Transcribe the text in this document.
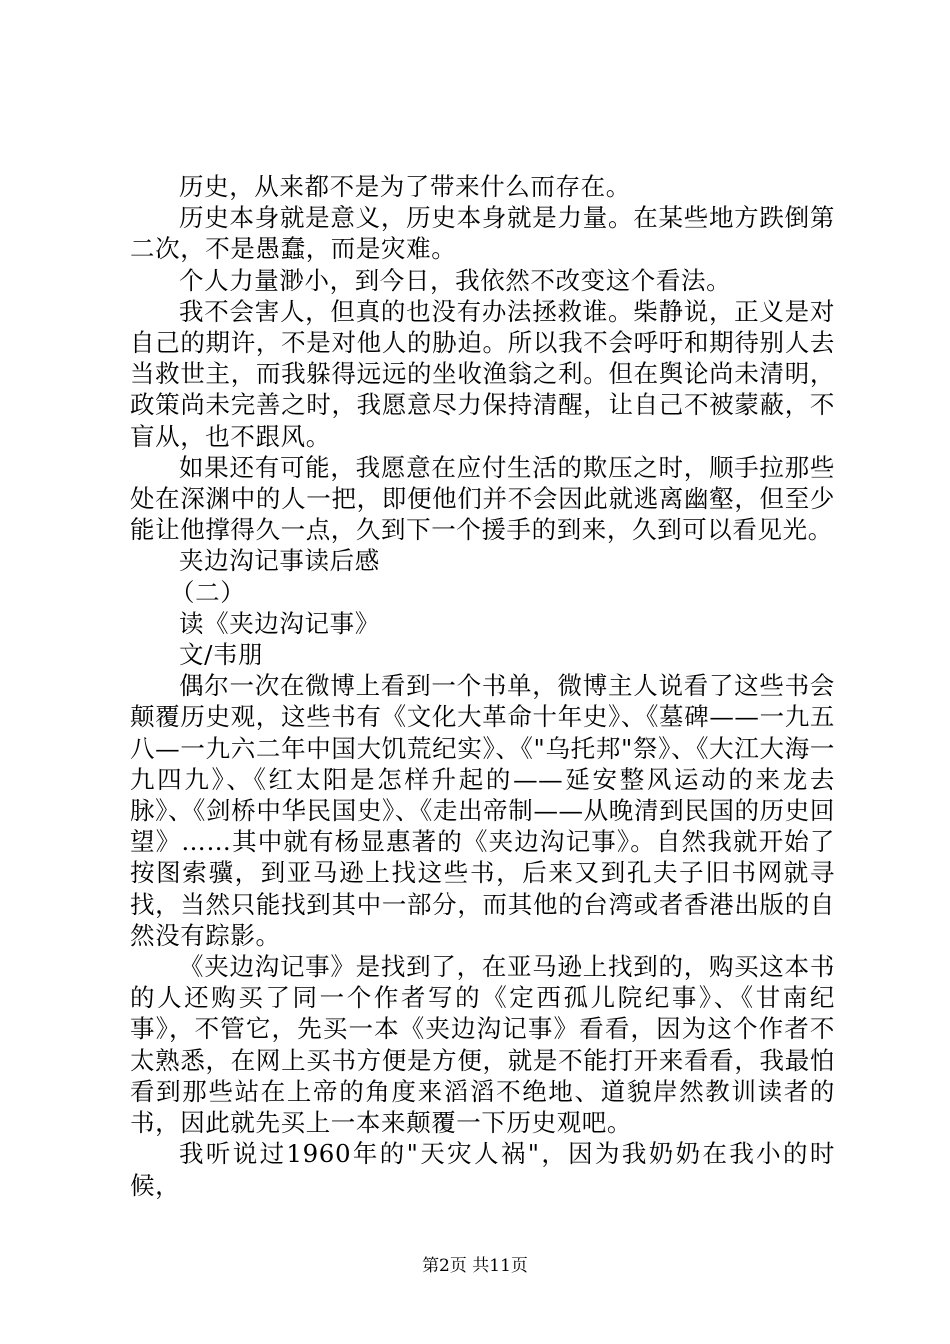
历史，从来都不是为了带来什么而存在。

历史本身就是意义，历史本身就是力量。在某些地方跌倒第二次，不是愚蠢，而是灾难。

个人力量渺小，到今日，我依然不改变这个看法。

我不会害人，但真的也没有办法拯救谁。柴静说，正义是对自己的期许，不是对他人的胁迫。所以我不会呼吁和期待别人去当救世主，而我躲得远远的坐收渔翁之利。但在舆论尚未清明，政策尚未完善之时，我愿意尽力保持清醒，让自己不被蒙蔽，不盲从，也不跟风。

如果还有可能，我愿意在应付生活的欺压之时，顺手拉那些处在深渊中的人一把，即便他们并不会因此就逃离幽壑，但至少能让他撑得久一点，久到下一个援手的到来，久到可以看见光。

夹边沟记事读后感

（二）

读《夹边沟记事》

文/韦朋

偶尔一次在微博上看到一个书单，微博主人说看了这些书会颠覆历史观，这些书有《文化大革命十年史》、《墓碑——一九五八—一九六二年中国大饥荒纪实》、《"乌托邦"祭》、《大江大海一九四九》、《红太阳是怎样升起的——延安整风运动的来龙去脉》、《剑桥中华民国史》、《走出帝制——从晚清到民国的历史回望》……其中就有杨显惠著的《夹边沟记事》。自然我就开始了按图索骥，到亚马逊上找这些书，后来又到孔夫子旧书网就寻找，当然只能找到其中一部分，而其他的台湾或者香港出版的自然没有踪影。

《夹边沟记事》是找到了，在亚马逊上找到的，购买这本书的人还购买了同一个作者写的《定西孤儿院纪事》、《甘南纪事》，不管它，先买一本《夹边沟记事》看看，因为这个作者不太熟悉，在网上买书方便是方便，就是不能打开来看看，我最怕看到那些站在上帝的角度来滔滔不绝地、道貌岸然教训读者的书，因此就先买上一本来颠覆一下历史观吧。

我听说过1960年的"天灾人祸"，因为我奶奶在我小的时候，

第2页 共11页
